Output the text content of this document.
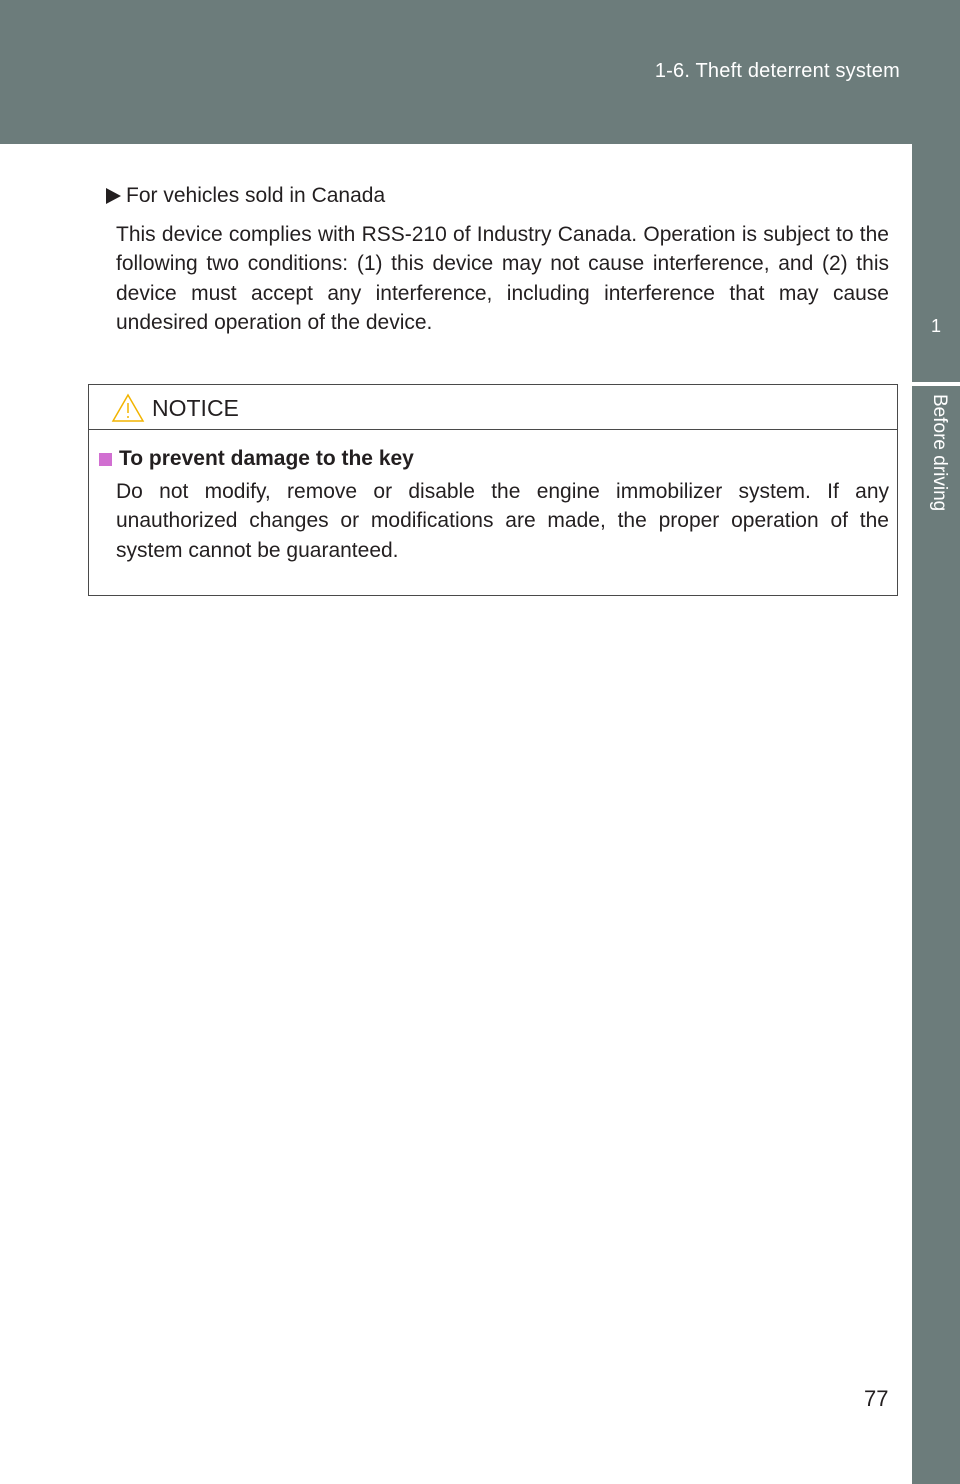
1-6. Theft deterrent system
1
Before driving
For vehicles sold in Canada

This device complies with RSS-210 of Industry Canada. Operation is subject to the following two conditions: (1) this device may not cause interference, and (2) this device must accept any interference, including interference that may cause undesired operation of the device.

NOTICE
To prevent damage to the key
Do not modify, remove or disable the engine immobilizer system. If any unauthorized changes or modifications are made, the proper operation of the system cannot be guaranteed.
77
